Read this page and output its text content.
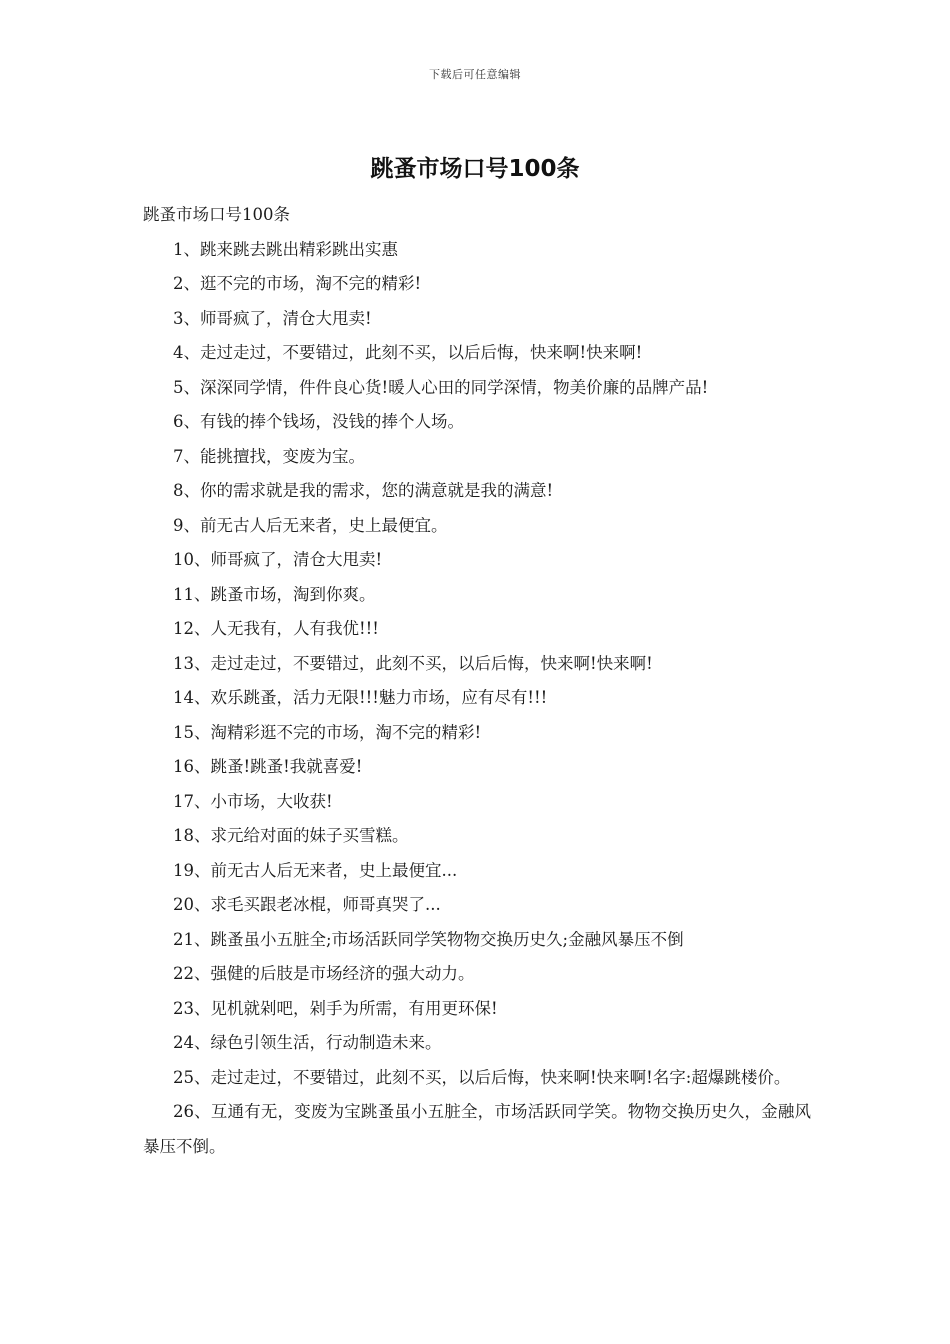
下载后可任意编辑
跳蚤市场口号100条

跳蚤市场口号100条

1、跳来跳去跳出精彩跳出实惠
2、逛不完的市场，淘不完的精彩!
3、师哥疯了，清仓大甩卖!
4、走过走过，不要错过，此刻不买，以后后悔，快来啊!快来啊!
5、深深同学情，件件良心货!暖人心田的同学深情，物美价廉的品牌产品!
6、有钱的捧个钱场，没钱的捧个人场。
7、能挑擅找，变废为宝。
8、你的需求就是我的需求，您的满意就是我的满意!
9、前无古人后无来者，史上最便宜。
10、师哥疯了，清仓大甩卖!
11、跳蚤市场，淘到你爽。
12、人无我有，人有我优!!!
13、走过走过，不要错过，此刻不买，以后后悔，快来啊!快来啊!
14、欢乐跳蚤，活力无限!!!魅力市场，应有尽有!!!
15、淘精彩逛不完的市场，淘不完的精彩!
16、跳蚤!跳蚤!我就喜爱!
17、小市场，大收获!
18、求元给对面的妹子买雪糕。
19、前无古人后无来者，史上最便宜...
20、求毛买跟老冰棍，师哥真哭了...
21、跳蚤虽小五脏全;市场活跃同学笑物物交换历史久;金融风暴压不倒
22、强健的后肢是市场经济的强大动力。
23、见机就剁吧，剁手为所需，有用更环保!
24、绿色引领生活，行动制造未来。
25、走过走过，不要错过，此刻不买，以后后悔，快来啊!快来啊!名字:超爆跳楼价。
26、互通有无，变废为宝跳蚤虽小五脏全，市场活跃同学笑。物物交换历史久，金融风暴压不倒。
